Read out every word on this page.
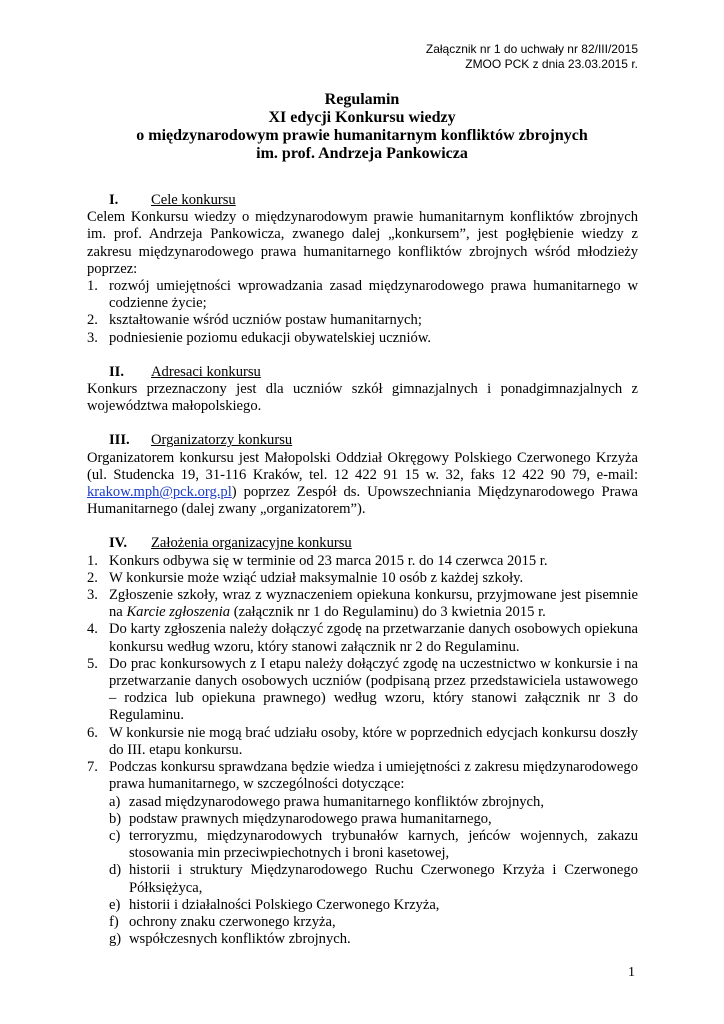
Załącznik nr 1 do uchwały nr 82/III/2015
ZMOO PCK z dnia 23.03.2015 r.
Regulamin
XI edycji Konkursu wiedzy
o międzynarodowym prawie humanitarnym konfliktów zbrojnych
im. prof. Andrzeja Pankowicza
I.	Cele konkursu

Celem Konkursu wiedzy o międzynarodowym prawie humanitarnym konfliktów zbrojnych im. prof. Andrzeja Pankowicza, zwanego dalej „konkursem”, jest pogłębienie wiedzy z zakresu międzynarodowego prawa humanitarnego konfliktów zbrojnych wśród młodzieży poprzez:

1. rozwój umiejętności wprowadzania zasad międzynarodowego prawa humanitarnego w codzienne życie;
2. kształtowanie wśród uczniów postaw humanitarnych;
3. podniesienie poziomu edukacji obywatelskiej uczniów.
II.	Adresaci konkursu

Konkurs przeznaczony jest dla uczniów szkół gimnazjalnych i ponadgimnazjalnych z województwa małopolskiego.

III.	Organizatorzy konkursu

Organizatorem konkursu jest Małopolski Oddział Okręgowy Polskiego Czerwonego Krzyża (ul. Studencka 19, 31-116 Kraków, tel. 12 422 91 15 w. 32, faks 12 422 90 79, e-mail: krakow.mph@pck.org.pl) poprzez Zespół ds. Upowszechniania Międzynarodowego Prawa Humanitarnego (dalej zwany „organizatorem”).

IV.	Założenia organizacyjne konkursu
1. Konkurs odbywa się w terminie od 23 marca 2015 r. do 14 czerwca 2015 r.
2. W konkursie może wziąć udział maksymalnie 10 osób z każdej szkoły.
3. Zgłoszenie szkoły, wraz z wyznaczeniem opiekuna konkursu, przyjmowane jest pisemnie na Karcie zgłoszenia (załącznik nr 1 do Regulaminu) do 3 kwietnia 2015 r.
4. Do karty zgłoszenia należy dołączyć zgodę na przetwarzanie danych osobowych opiekuna konkursu według wzoru, który stanowi załącznik nr 2 do Regulaminu.
5. Do prac konkursowych z I etapu należy dołączyć zgodę na uczestnictwo w konkursie i na przetwarzanie danych osobowych uczniów (podpisaną przez przedstawiciela ustawowego – rodzica lub opiekuna prawnego) według wzoru, który stanowi załącznik nr 3 do Regulaminu.
6. W konkursie nie mogą brać udziału osoby, które w poprzednich edycjach konkursu doszły do III. etapu konkursu.
7. Podczas konkursu sprawdzana będzie wiedza i umiejętności z zakresu międzynarodowego prawa humanitarnego, w szczególności dotyczące:
a) zasad międzynarodowego prawa humanitarnego konfliktów zbrojnych,
b) podstaw prawnych międzynarodowego prawa humanitarnego,
c) terroryzmu, międzynarodowych trybunałów karnych, jeńców wojennych, zakazu stosowania min przeciwpiechotnych i broni kasetowej,
d) historii i struktury Międzynarodowego Ruchu Czerwonego Krzyża i Czerwonego Półksiężyca,
e) historii i działalności Polskiego Czerwonego Krzyża,
f) ochrony znaku czerwonego krzyża,
g) współczesnych konfliktów zbrojnych.
1
